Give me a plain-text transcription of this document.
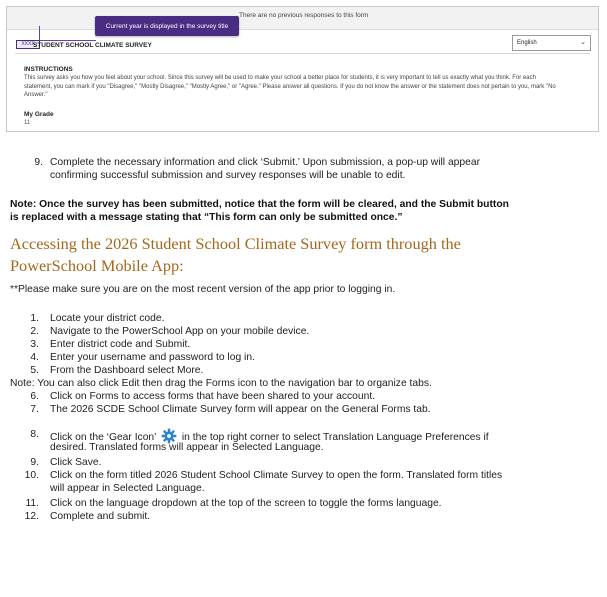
There are no previous responses to this form
Current year is displayed in the survey title
XXXX
STUDENT SCHOOL CLIMATE SURVEY	English	⌄
INSTRUCTIONS
This survey asks you how you feel about your school. Since this survey will be used to make your school a better place for students, it is very important to tell us exactly what you think. For each
statement, you can mark if you "Disagree," "Mostly Disagree," "Mostly Agree," or "Agree." Please answer all questions. If you do not know the answer or the statement does not pertain to you, mark "No
Answer."
My Grade
11
9. Complete the necessary information and click ‘Submit.’ Upon submission, a pop-up will appear
confirming successful submission and survey responses will be unable to edit.
Note: Once the survey has been submitted, notice that the form will be cleared, and the Submit button
is replaced with a message stating that “This form can only be submitted once.”
Accessing the 2026 Student School Climate Survey form through the
PowerSchool Mobile App:
**Please make sure you are on the most recent version of the app prior to logging in.
1. Locate your district code.
2. Navigate to the PowerSchool App on your mobile device.
3. Enter district code and Submit.
4. Enter your username and password to log in.
5. From the Dashboard select More.
Note: You can also click Edit then drag the Forms icon to the navigation bar to organize tabs.
6. Click on Forms to access forms that have been shared to your account.
7. The 2026 SCDE School Climate Survey form will appear on the General Forms tab.
8. Click on the ‘Gear Icon’	in the top right corner to select Translation Language Preferences if
desired. Translated forms will appear in Selected Language.
9. Click Save.
10. Click on the form titled 2026 Student School Climate Survey to open the form. Translated form titles
will appear in Selected Language.
11. Click on the language dropdown at the top of the screen to toggle the forms language.
12. Complete and submit.
